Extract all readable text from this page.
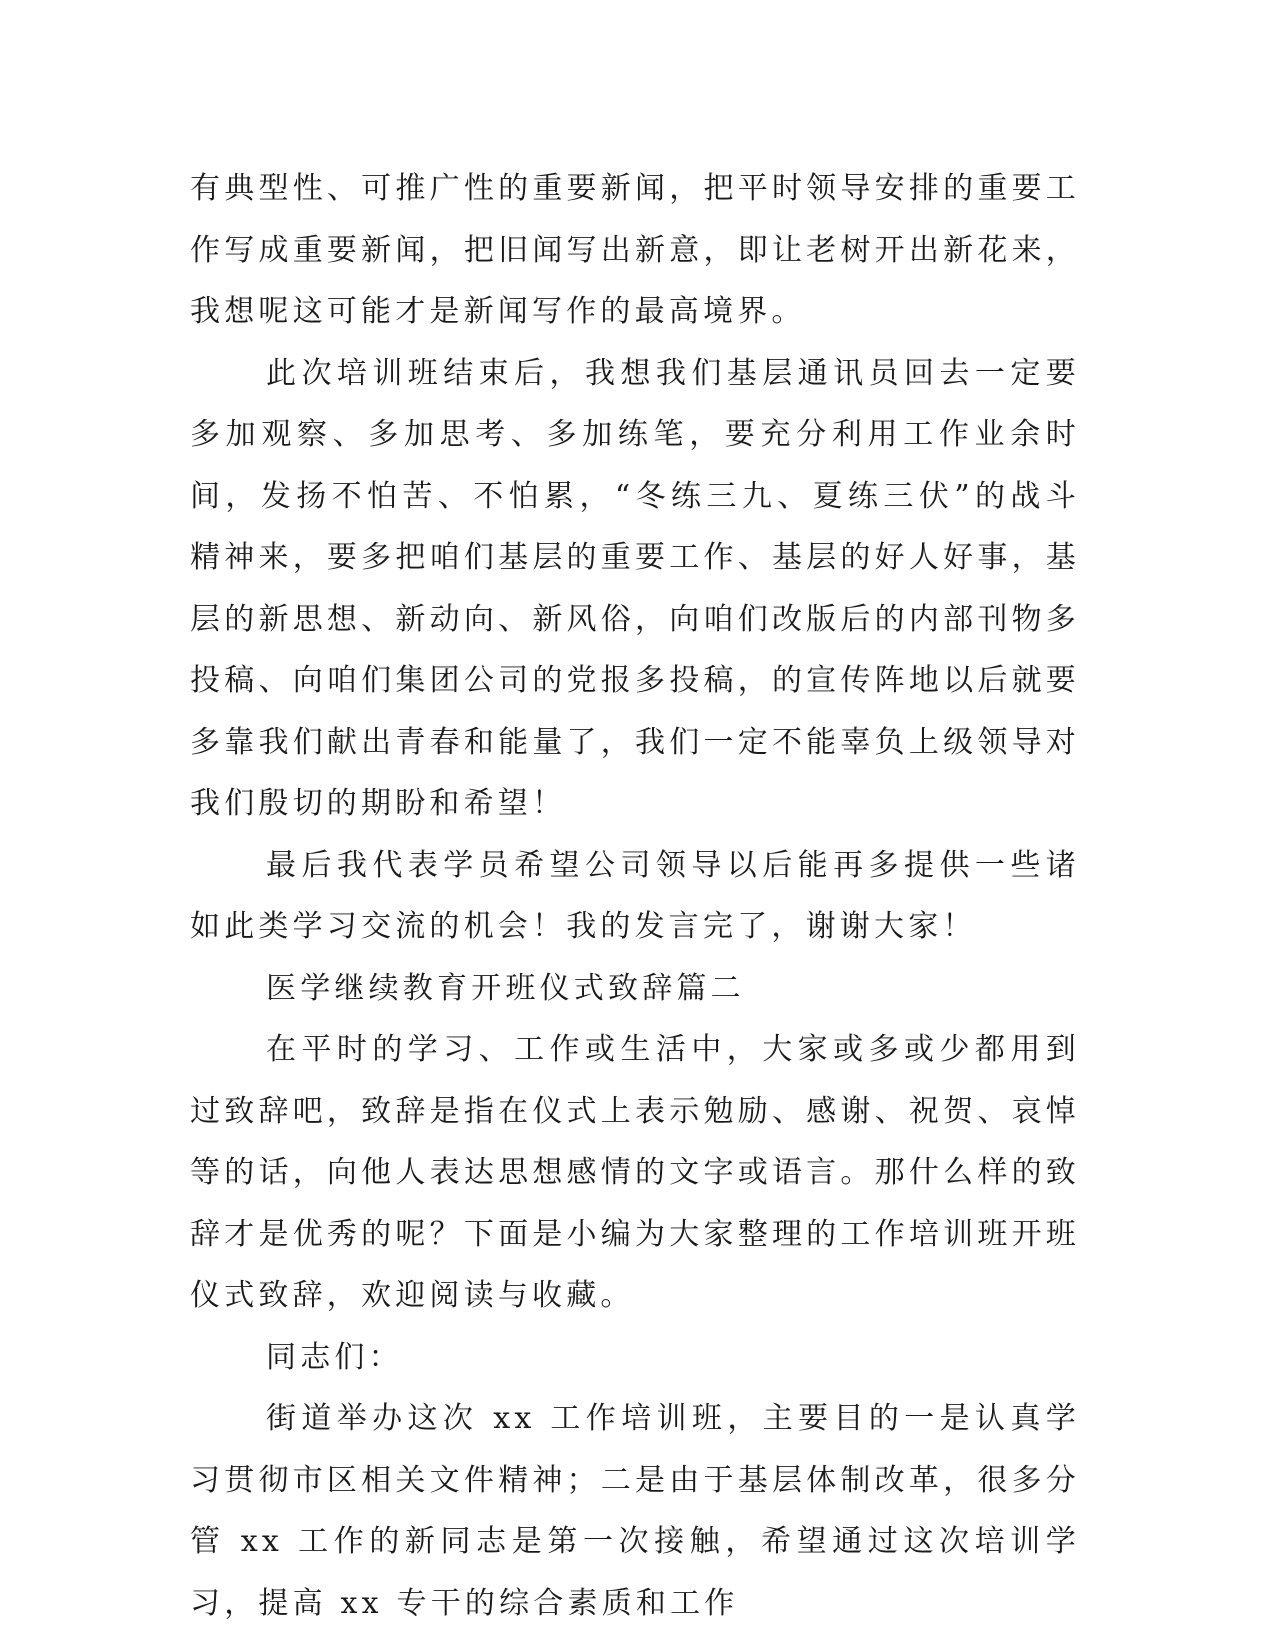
有典型性、可推广性的重要新闻，把平时领导安排的重要工作写成重要新闻，把旧闻写出新意，即让老树开出新花来，我想呢这可能才是新闻写作的最高境界。

此次培训班结束后，我想我们基层通讯员回去一定要多加观察、多加思考、多加练笔，要充分利用工作业余时间，发扬不怕苦、不怕累，“冬练三九、夏练三伏”的战斗精神来，要多把咱们基层的重要工作、基层的好人好事，基层的新思想、新动向、新风俗，向咱们改版后的内部刊物多投稿、向咱们集团公司的党报多投稿，的宣传阵地以后就要多靠我们献出青春和能量了，我们一定不能辜负上级领导对我们殷切的期盼和希望！

最后我代表学员希望公司领导以后能再多提供一些诸如此类学习交流的机会！我的发言完了，谢谢大家！

医学继续教育开班仪式致辞篇二

在平时的学习、工作或生活中，大家或多或少都用到过致辞吧，致辞是指在仪式上表示勉励、感谢、祝贺、哀悼等的话，向他人表达思想感情的文字或语言。那什么样的致辞才是优秀的呢？下面是小编为大家整理的工作培训班开班仪式致辞，欢迎阅读与收藏。

同志们：

街道举办这次 xx 工作培训班，主要目的一是认真学习贯彻市区相关文件精神；二是由于基层体制改革，很多分管 xx 工作的新同志是第一次接触，希望通过这次培训学习，提高 xx 专干的综合素质和工作
